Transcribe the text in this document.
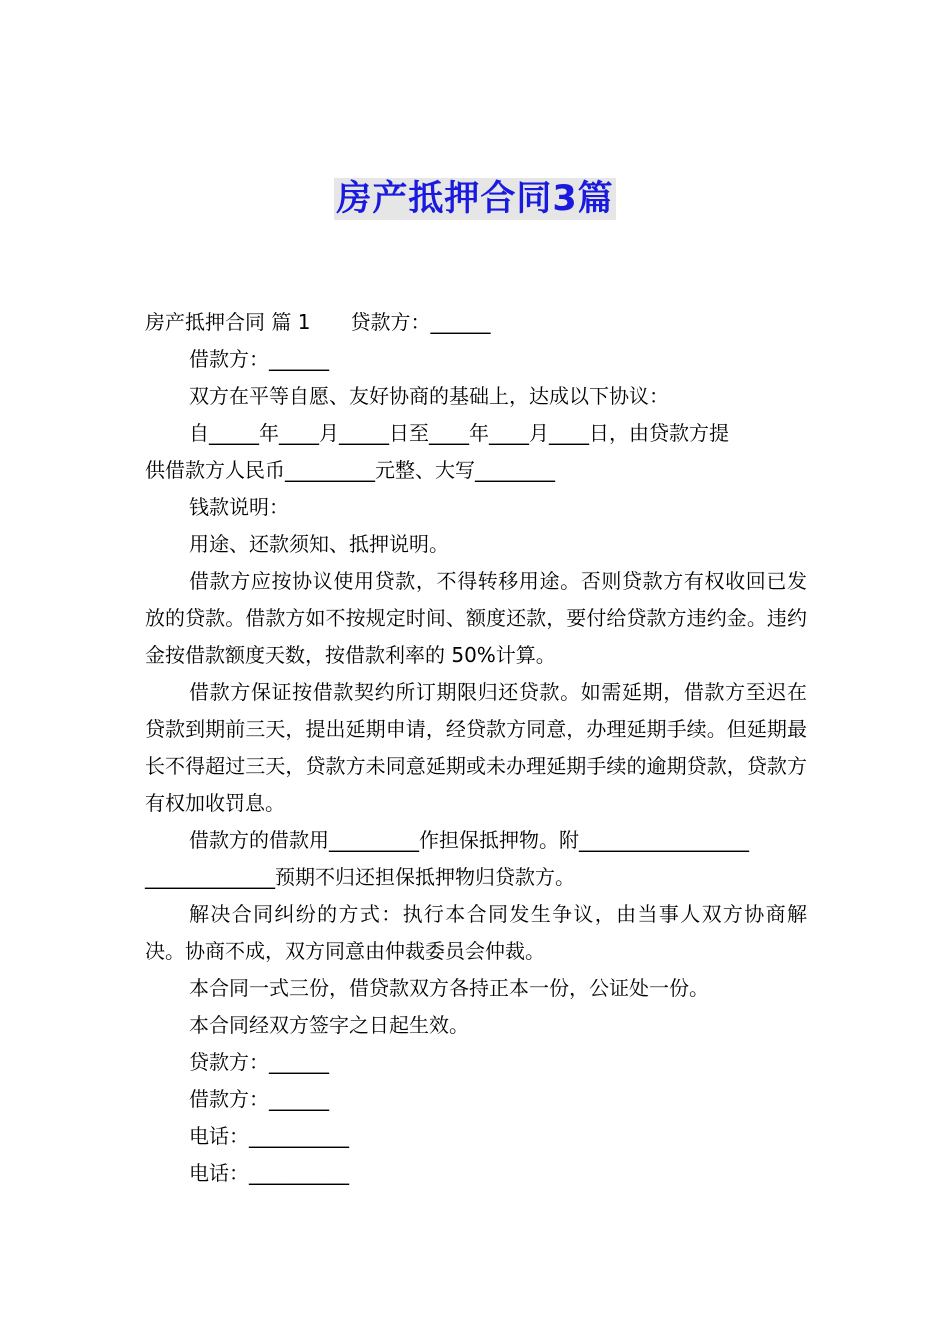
房产抵押合同3篇
房产抵押合同 篇 1 贷款方：______
借款方：______
双方在平等自愿、友好协商的基础上，达成以下协议：
自_____年____月_____日至____年____月____日，由贷款方提
供借款方人民币_________元整、大写________
钱款说明：
用途、还款须知、抵押说明。
借款方应按协议使用贷款，不得转移用途。否则贷款方有权收回已发放的贷款。借款方如不按规定时间、额度还款，要付给贷款方违约金。违约金按借款额度天数，按借款利率的 50%计算。
借款方保证按借款契约所订期限归还贷款。如需延期，借款方至迟在贷款到期前三天，提出延期申请，经贷款方同意，办理延期手续。但延期最长不得超过三天，贷款方未同意延期或未办理延期手续的逾期贷款，贷款方有权加收罚息。
借款方的借款用_________作担保抵押物。附_________________
_____________预期不归还担保抵押物归贷款方。
解决合同纠纷的方式：执行本合同发生争议，由当事人双方协商解决。协商不成，双方同意由仲裁委员会仲裁。
本合同一式三份，借贷款双方各持正本一份，公证处一份。
本合同经双方签字之日起生效。
贷款方：______
借款方：______
电话：__________
电话：__________
